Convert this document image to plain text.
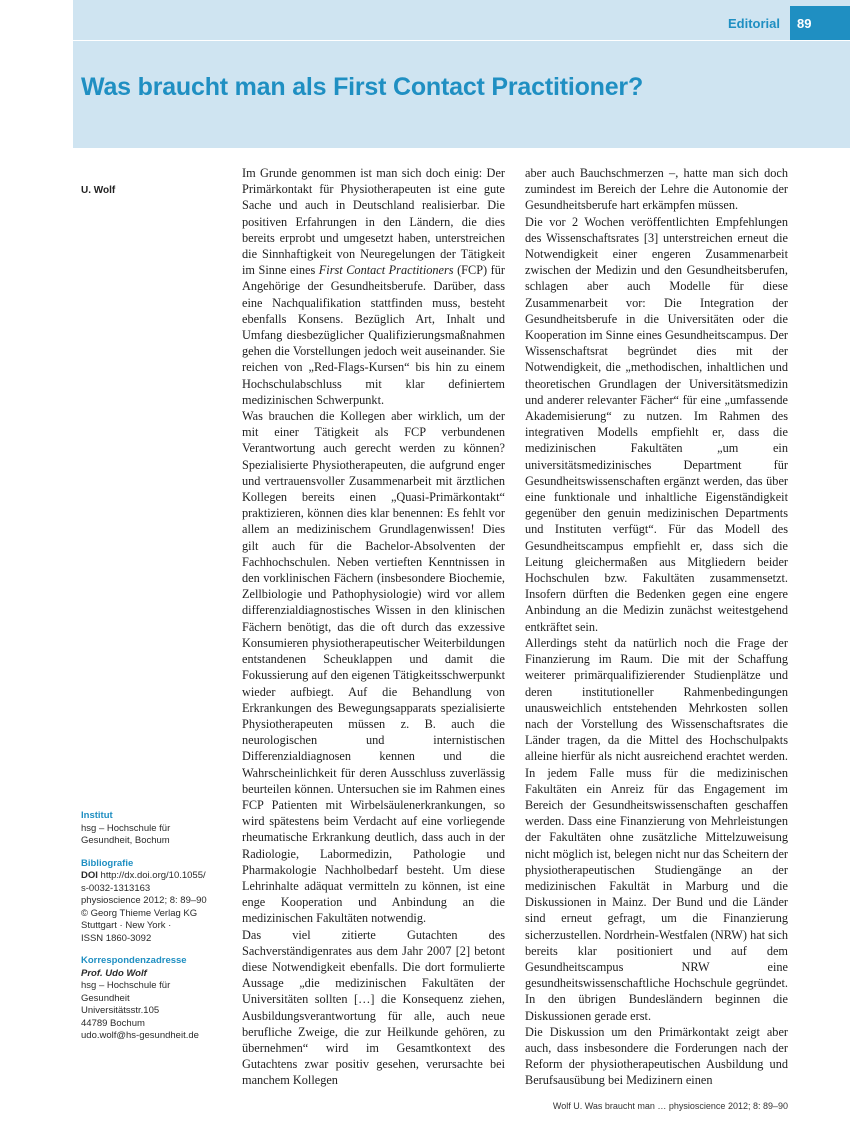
Editorial	89
Was braucht man als First Contact Practitioner?
U. Wolf
Institut
hsg – Hochschule für
Gesundheit, Bochum
Bibliografie
DOI http://dx.doi.org/10.1055/
s-0032-1313163
physioscience 2012; 8: 89–90
© Georg Thieme Verlag KG
Stuttgart · New York ·
ISSN 1860-3092
Korrespondenzadresse
Prof. Udo Wolf
hsg – Hochschule für
Gesundheit
Universitätsstr.105
44789 Bochum
udo.wolf@hs-gesundheit.de

Im Grunde genommen ist man sich doch einig: Der Primärkontakt für Physiotherapeuten ist eine gute Sache und auch in Deutschland realisierbar. Die positiven Erfahrungen in den Ländern, die dies bereits erprobt und umgesetzt haben, unterstreichen die Sinnhaftigkeit von Neuregelungen der Tätigkeit im Sinne eines First Contact Practitioners (FCP) für Angehörige der Gesundheitsberufe. Darüber, dass eine Nachqualifikation stattfinden muss, besteht ebenfalls Konsens. Bezüglich Art, Inhalt und Umfang diesbezüglicher Qualifizierungsmaßnahmen gehen die Vorstellungen jedoch weit auseinander. Sie reichen von „Red-Flags-Kursen“ bis hin zu einem Hochschulabschluss mit klar definiertem medizinischen Schwerpunkt.

Was brauchen die Kollegen aber wirklich, um der mit einer Tätigkeit als FCP verbundenen Verantwortung auch gerecht werden zu können? Spezialisierte Physiotherapeuten, die aufgrund enger und vertrauensvoller Zusammenarbeit mit ärztlichen Kollegen bereits einen „Quasi-Primärkontakt“ praktizieren, können dies klar benennen: Es fehlt vor allem an medizinischem Grundlagenwissen! Dies gilt auch für die Bachelor-Absolventen der Fachhochschulen. Neben vertieften Kenntnissen in den vorklinischen Fächern (insbesondere Biochemie, Zellbiologie und Pathophysiologie) wird vor allem differenzialdiagnostisches Wissen in den klinischen Fächern benötigt, das die oft durch das exzessive Konsumieren physiotherapeutischer Weiterbildungen entstandenen Scheuklappen und damit die Fokussierung auf den eigenen Tätigkeitsschwerpunkt wieder aufbiegt. Auf die Behandlung von Erkrankungen des Bewegungsapparats spezialisierte Physiotherapeuten müssen z. B. auch die neurologischen und internistischen Differenzialdiagnosen kennen und die Wahrscheinlichkeit für deren Ausschluss zuverlässig beurteilen können. Untersuchen sie im Rahmen eines FCP Patienten mit Wirbelsäulenerkrankungen, so wird spätestens beim Verdacht auf eine vorliegende rheumatische Erkrankung deutlich, dass auch in der Radiologie, Labormedizin, Pathologie und Pharmakologie Nachholbedarf besteht. Um diese Lehrinhalte adäquat vermitteln zu können, ist eine enge Kooperation und Anbindung an die medizinischen Fakultäten notwendig.

Das viel zitierte Gutachten des Sachverständigenrates aus dem Jahr 2007 [2] betont diese Notwendigkeit ebenfalls. Die dort formulierte Aussage „die medizinischen Fakultäten der Universitäten sollten […] die Konsequenz ziehen, Ausbildungsverantwortung für alle, auch neue berufliche Zweige, die zur Heilkunde gehören, zu übernehmen“ wird im Gesamtkontext des Gutachtens zwar positiv gesehen, verursachte bei manchem Kollegen

aber auch Bauchschmerzen –, hatte man sich doch zumindest im Bereich der Lehre die Autonomie der Gesundheitsberufe hart erkämpfen müssen.

Die vor 2 Wochen veröffentlichten Empfehlungen des Wissenschaftsrates [3] unterstreichen erneut die Notwendigkeit einer engeren Zusammenarbeit zwischen der Medizin und den Gesundheitsberufen, schlagen aber auch Modelle für diese Zusammenarbeit vor: Die Integration der Gesundheitsberufe in die Universitäten oder die Kooperation im Sinne eines Gesundheitscampus. Der Wissenschaftsrat begründet dies mit der Notwendigkeit, die „methodischen, inhaltlichen und theoretischen Grundlagen der Universitätsmedizin und anderer relevanter Fächer“ für eine „umfassende Akademisierung“ zu nutzen. Im Rahmen des integrativen Modells empfiehlt er, dass die medizinischen Fakultäten „um ein universitätsmedizinisches Department für Gesundheitswissenschaften ergänzt werden, das über eine funktionale und inhaltliche Eigenständigkeit gegenüber den genuin medizinischen Departments und Instituten verfügt“. Für das Modell des Gesundheitscampus empfiehlt er, dass sich die Leitung gleichermaßen aus Mitgliedern beider Hochschulen bzw. Fakultäten zusammensetzt. Insofern dürften die Bedenken gegen eine engere Anbindung an die Medizin zunächst weitestgehend entkräftet sein.

Allerdings steht da natürlich noch die Frage der Finanzierung im Raum. Die mit der Schaffung weiterer primärqualifizierender Studienplätze und deren institutioneller Rahmenbedingungen unausweichlich entstehenden Mehrkosten sollen nach der Vorstellung des Wissenschaftsrates die Länder tragen, da die Mittel des Hochschulpakts alleine hierfür als nicht ausreichend erachtet werden. In jedem Falle muss für die medizinischen Fakultäten ein Anreiz für das Engagement im Bereich der Gesundheitswissenschaften geschaffen werden. Dass eine Finanzierung von Mehrleistungen der Fakultäten ohne zusätzliche Mittelzuweisung nicht möglich ist, belegen nicht nur das Scheitern der physiotherapeutischen Studiengänge an der medizinischen Fakultät in Marburg und die Diskussionen in Mainz. Der Bund und die Länder sind erneut gefragt, um die Finanzierung sicherzustellen. Nordrhein-Westfalen (NRW) hat sich bereits klar positioniert und auf dem Gesundheitscampus NRW eine gesundheitswissenschaftliche Hochschule gegründet. In den übrigen Bundesländern beginnen die Diskussionen gerade erst.

Die Diskussion um den Primärkontakt zeigt aber auch, dass insbesondere die Forderungen nach der Reform der physiotherapeutischen Ausbildung und Berufsausübung bei Medizinern einen

Wolf U. Was braucht man … physioscience 2012; 8: 89–90
